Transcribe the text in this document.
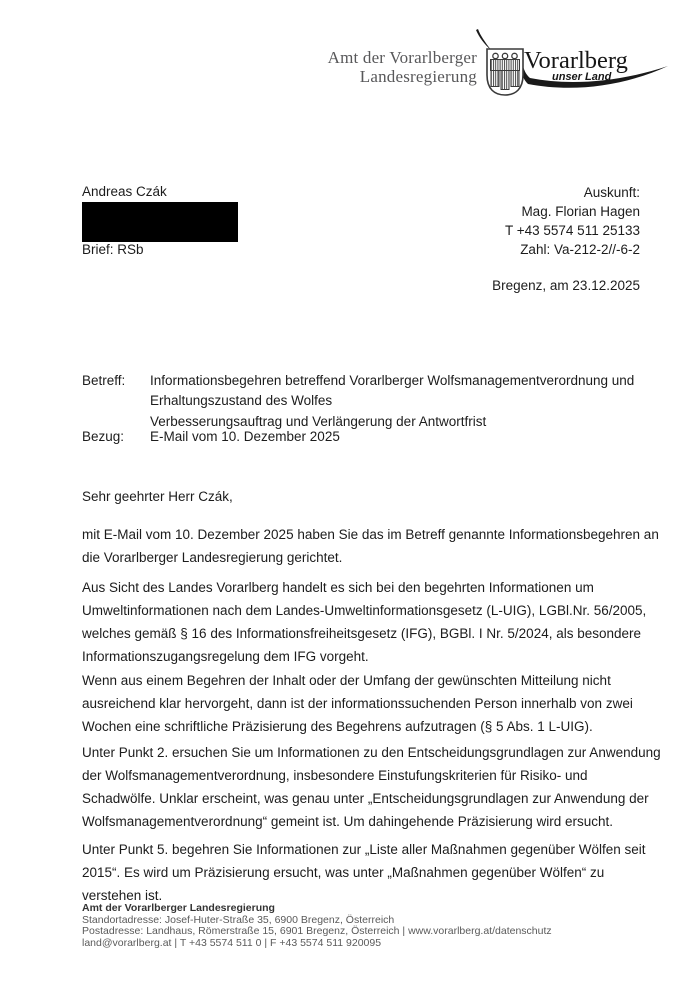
Amt der Vorarlberger
Landesregierung
Vorarlberg
unser Land
Andreas Czák
Brief: RSb
Auskunft:
Mag. Florian Hagen
T +43 5574 511 25133
Zahl: Va-212-2//-6-2
Bregenz, am 23.12.2025
Betreff: Informationsbegehren betreffend Vorarlberger Wolfsmanagementverordnung und
Erhaltungszustand des Wolfes
Verbesserungsauftrag und Verlängerung der Antwortfrist
Bezug: E-Mail vom 10. Dezember 2025
Sehr geehrter Herr Czák,
mit E-Mail vom 10. Dezember 2025 haben Sie das im Betreff genannte Informationsbegehren an
die Vorarlberger Landesregierung gerichtet.
Aus Sicht des Landes Vorarlberg handelt es sich bei den begehrten Informationen um
Umweltinformationen nach dem Landes-Umweltinformationsgesetz (L-UIG), LGBl.Nr. 56/2005,
welches gemäß § 16 des Informationsfreiheitsgesetz (IFG), BGBl. I Nr. 5/2024, als besondere
Informationszugangsregelung dem IFG vorgeht.
Wenn aus einem Begehren der Inhalt oder der Umfang der gewünschten Mitteilung nicht
ausreichend klar hervorgeht, dann ist der informationssuchenden Person innerhalb von zwei
Wochen eine schriftliche Präzisierung des Begehrens aufzutragen (§ 5 Abs. 1 L-UIG).
Unter Punkt 2. ersuchen Sie um Informationen zu den Entscheidungsgrundlagen zur Anwendung
der Wolfsmanagementverordnung, insbesondere Einstufungskriterien für Risiko- und
Schadwölfe. Unklar erscheint, was genau unter „Entscheidungsgrundlagen zur Anwendung der
Wolfsmanagementverordnung“ gemeint ist. Um dahingehende Präzisierung wird ersucht.
Unter Punkt 5. begehren Sie Informationen zur „Liste aller Maßnahmen gegenüber Wölfen seit
2015“. Es wird um Präzisierung ersucht, was unter „Maßnahmen gegenüber Wölfen“ zu
verstehen ist.
Amt der Vorarlberger Landesregierung
Standortadresse: Josef-Huter-Straße 35, 6900 Bregenz, Österreich
Postadresse: Landhaus, Römerstraße 15, 6901 Bregenz, Österreich | www.vorarlberg.at/datenschutz
land@vorarlberg.at | T +43 5574 511 0 | F +43 5574 511 920095
